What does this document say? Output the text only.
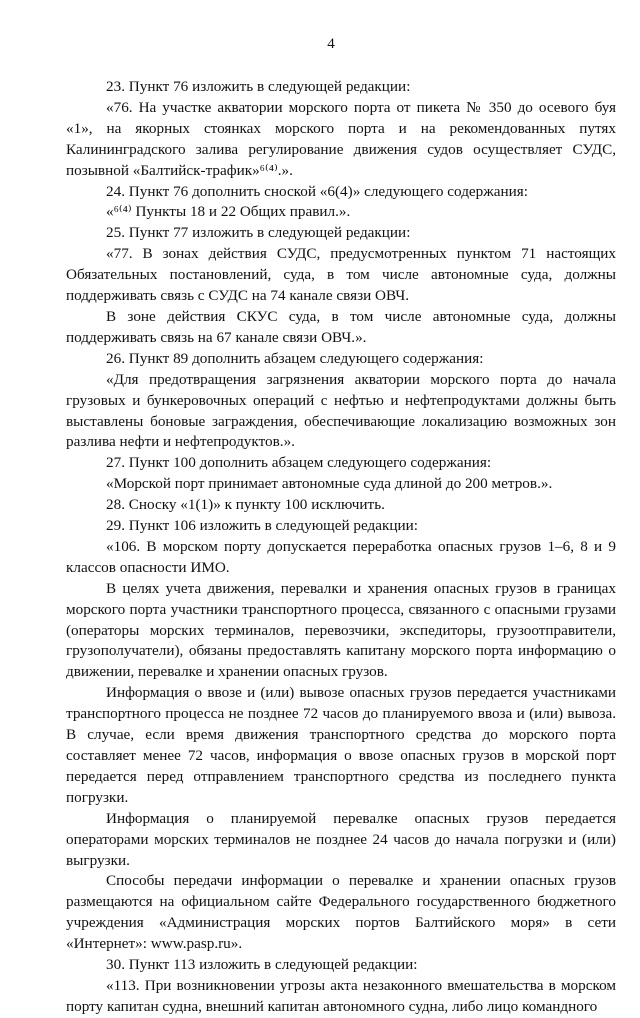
4

23. Пункт 76 изложить в следующей редакции:

«76. На участке акватории морского порта от пикета № 350 до осевого буя «1», на якорных стоянках морского порта и на рекомендованных путях Калининградского залива регулирование движения судов осуществляет СУДС, позывной «Балтийск-трафик»⁶⁽⁴⁾.».

24. Пункт 76 дополнить сноской «6(4)» следующего содержания:

«⁶⁽⁴⁾ Пункты 18 и 22 Общих правил.».

25. Пункт 77 изложить в следующей редакции:

«77. В зонах действия СУДС, предусмотренных пунктом 71 настоящих Обязательных постановлений, суда, в том числе автономные суда, должны поддерживать связь с СУДС на 74 канале связи ОВЧ.

В зоне действия СКУС суда, в том числе автономные суда, должны поддерживать связь на 67 канале связи ОВЧ.».

26. Пункт 89 дополнить абзацем следующего содержания:

«Для предотвращения загрязнения акватории морского порта до начала грузовых и бункеровочных операций с нефтью и нефтепродуктами должны быть выставлены боновые заграждения, обеспечивающие локализацию возможных зон разлива нефти и нефтепродуктов.».

27. Пункт 100 дополнить абзацем следующего содержания:

«Морской порт принимает автономные суда длиной до 200 метров.».

28. Сноску «1(1)» к пункту 100 исключить.

29. Пункт 106 изложить в следующей редакции:

«106. В морском порту допускается переработка опасных грузов 1–6, 8 и 9 классов опасности ИМО.

В целях учета движения, перевалки и хранения опасных грузов в границах морского порта участники транспортного процесса, связанного с опасными грузами (операторы морских терминалов, перевозчики, экспедиторы, грузоотправители, грузополучатели), обязаны предоставлять капитану морского порта информацию о движении, перевалке и хранении опасных грузов.

Информация о ввозе и (или) вывозе опасных грузов передается участниками транспортного процесса не позднее 72 часов до планируемого ввоза и (или) вывоза. В случае, если время движения транспортного средства до морского порта составляет менее 72 часов, информация о ввозе опасных грузов в морской порт передается перед отправлением транспортного средства из последнего пункта погрузки.

Информация о планируемой перевалке опасных грузов передается операторами морских терминалов не позднее 24 часов до начала погрузки и (или) выгрузки.

Способы передачи информации о перевалке и хранении опасных грузов размещаются на официальном сайте Федерального государственного бюджетного учреждения «Администрация морских портов Балтийского моря» в сети «Интернет»: www.pasp.ru».

30. Пункт 113 изложить в следующей редакции:

«113. При возникновении угрозы акта незаконного вмешательства в морском порту капитан судна, внешний капитан автономного судна, либо лицо командного
